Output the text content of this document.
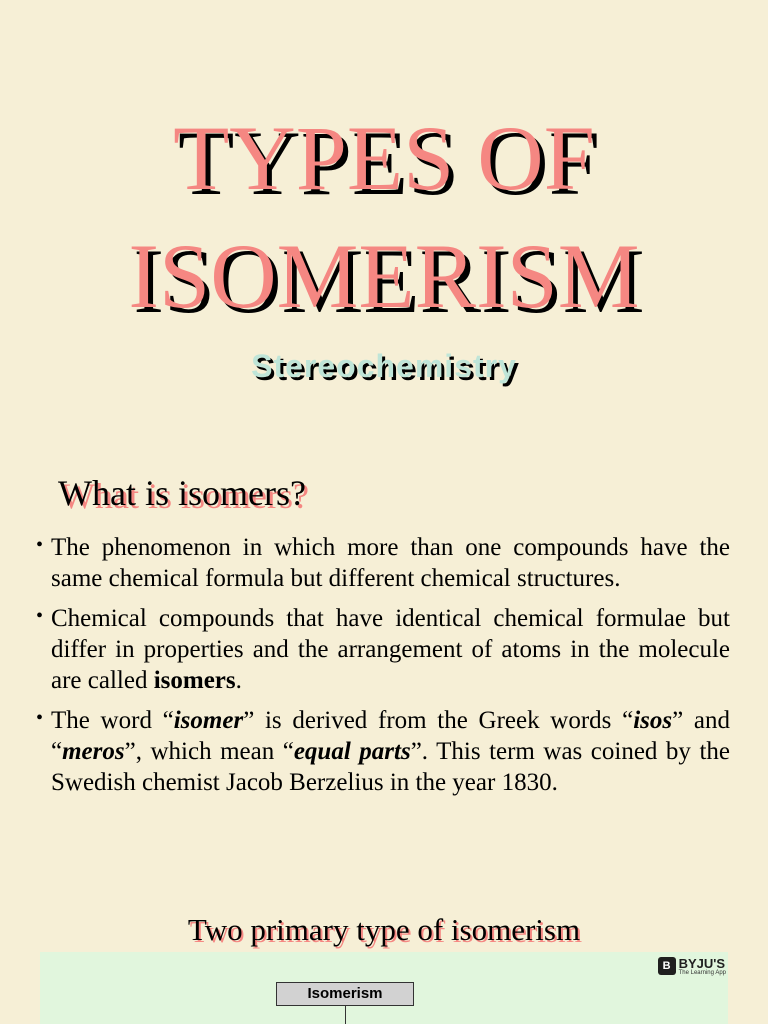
TYPES OF
ISOMERISM
Stereochemistry
What is isomers?
• The phenomenon in which more than one compounds have the same chemical formula but different chemical structures.
• Chemical compounds that have identical chemical formulae but differ in properties and the arrangement of atoms in the molecule are called isomers.
• The word “isomer” is derived from the Greek words “isos” and “meros”, which mean “equal parts”. This term was coined by the Swedish chemist Jacob Berzelius in the year 1830.
Two primary type of isomerism
B BYJU'S
The Learning App
Isomerism
